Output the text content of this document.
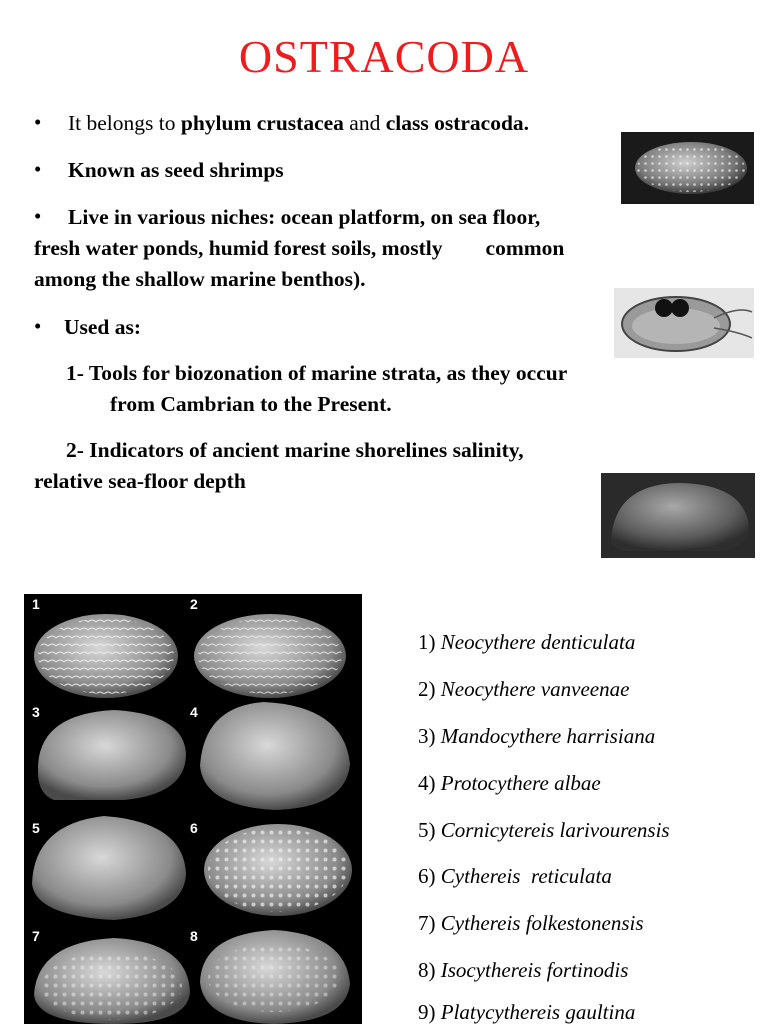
OSTRACODA
• It belongs to phylum crustacea and class ostracoda.
• Known as seed shrimps
• Live in various niches: ocean platform, on sea floor,
fresh water ponds, humid forest soils, mostly        common
among the shallow marine benthos).
• Used as:
1- Tools for biozonation of marine strata, as they occur
from Cambrian to the Present.
2- Indicators of ancient marine shorelines salinity,
relative sea-floor depth
1	2
3	4
5	6
7	8
1) Neocythere denticulata
2) Neocythere vanveenae
3) Mandocythere harrisiana
4) Protocythere albae
5) Cornicytereis larivourensis
6) Cythereis  reticulata
7) Cythereis folkestonensis
8) Isocythereis fortinodis
9) Platycythereis gaultina
